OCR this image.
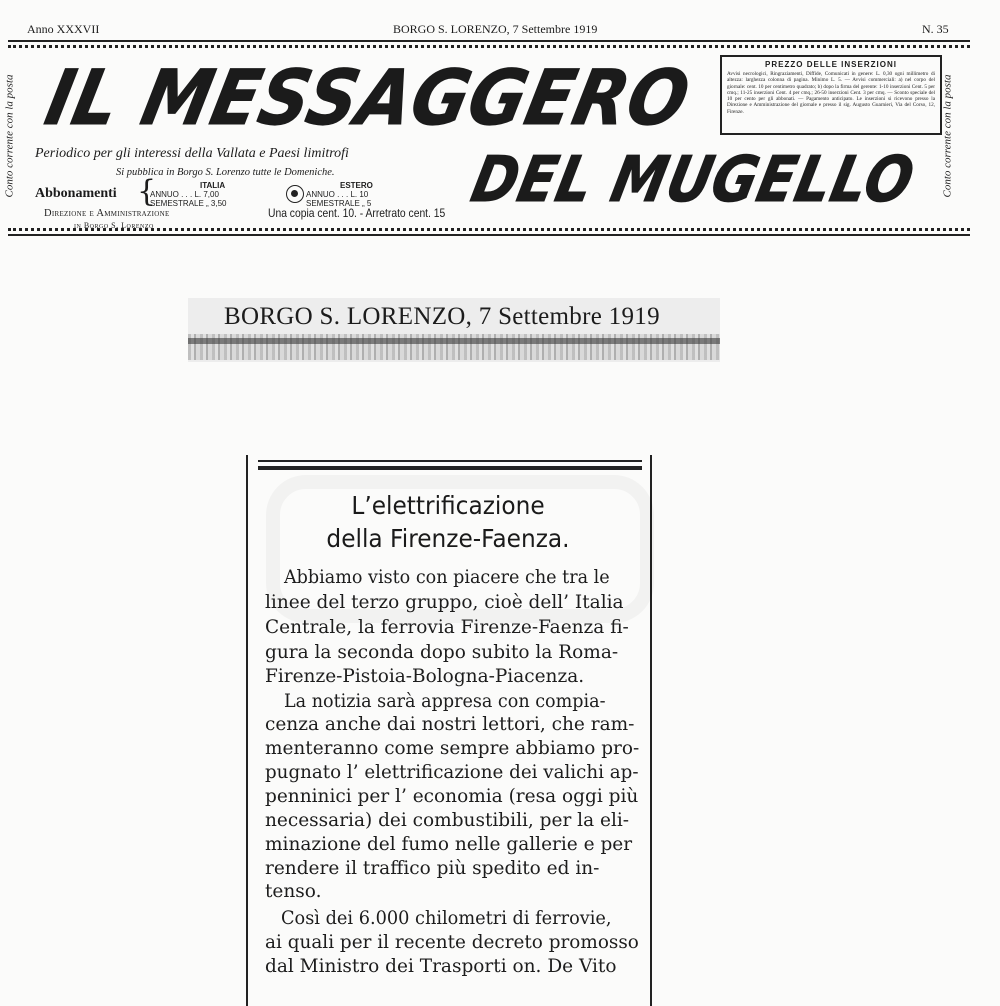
Anno XXXVII	BORGO S. LORENZO, 7 Settembre 1919	N. 35
Conto corrente con la posta	Conto corrente con la posta
IL MESSAGGERO	PREZZO DELLE INSERZIONI
Avvisi necrologici, Ringraziamenti, Diffide, Comunicati in genere: L. 0,30 ogni millimetro di altezza: larghezza colonna di pagina. Minimo L. 5. — Avvisi commerciali: a) nel corpo del giornale: cent. 10 per centimetro quadrato; b) dopo la firma del gerente: 1-10 inserzioni Cent. 5 per cmq.; 11-25 inserzioni Cent. 4 per cmq.; 26-50 inserzioni Cent. 3 per cmq. — Sconto speciale del 10 per cento per gli abbonati. — Pagamento anticipato. Le inserzioni si ricevono presso la Direzione e Amministrazione del giornale e presso il sig. Augusto Guarnieri, Via del Corso, 12, Firenze.
Periodico per gli interessi della Vallata e Paesi limitrofi
Si pubblica in Borgo S. Lorenzo tutte le Domeniche.
Abbonamenti {	ITALIA
ANNUO . . . L. 7,00
SEMESTRALE „ 3,50
ESTERO
ANNUO . . . L. 10
SEMESTRALE „ 5
Direzione e Amministrazione
in Borgo S. Lorenzo
Una copia cent. 10. - Arretrato cent. 15 DEL MUGELLO
BORGO S. LORENZO, 7 Settembre 1919
L’elettrificazione
della Firenze-Faenza.
Abbiamo visto con piacere che tra le
linee del terzo gruppo, cioè dell’ Italia
Centrale, la ferrovia Firenze-Faenza fi-
gura la seconda dopo subito la Roma-
Firenze-Pistoia-Bologna-Piacenza.
La notizia sarà appresa con compia-
cenza anche dai nostri lettori, che ram-
menteranno come sempre abbiamo pro-
pugnato l’ elettrificazione dei valichi ap-
penninici per l’ economia (resa oggi più
necessaria) dei combustibili, per la eli-
minazione del fumo nelle gallerie e per
rendere il traffico più spedito ed in-
tenso.
Così dei 6.000 chilometri di ferrovie,
ai quali per il recente decreto promosso
dal Ministro dei Trasporti on. De Vito
